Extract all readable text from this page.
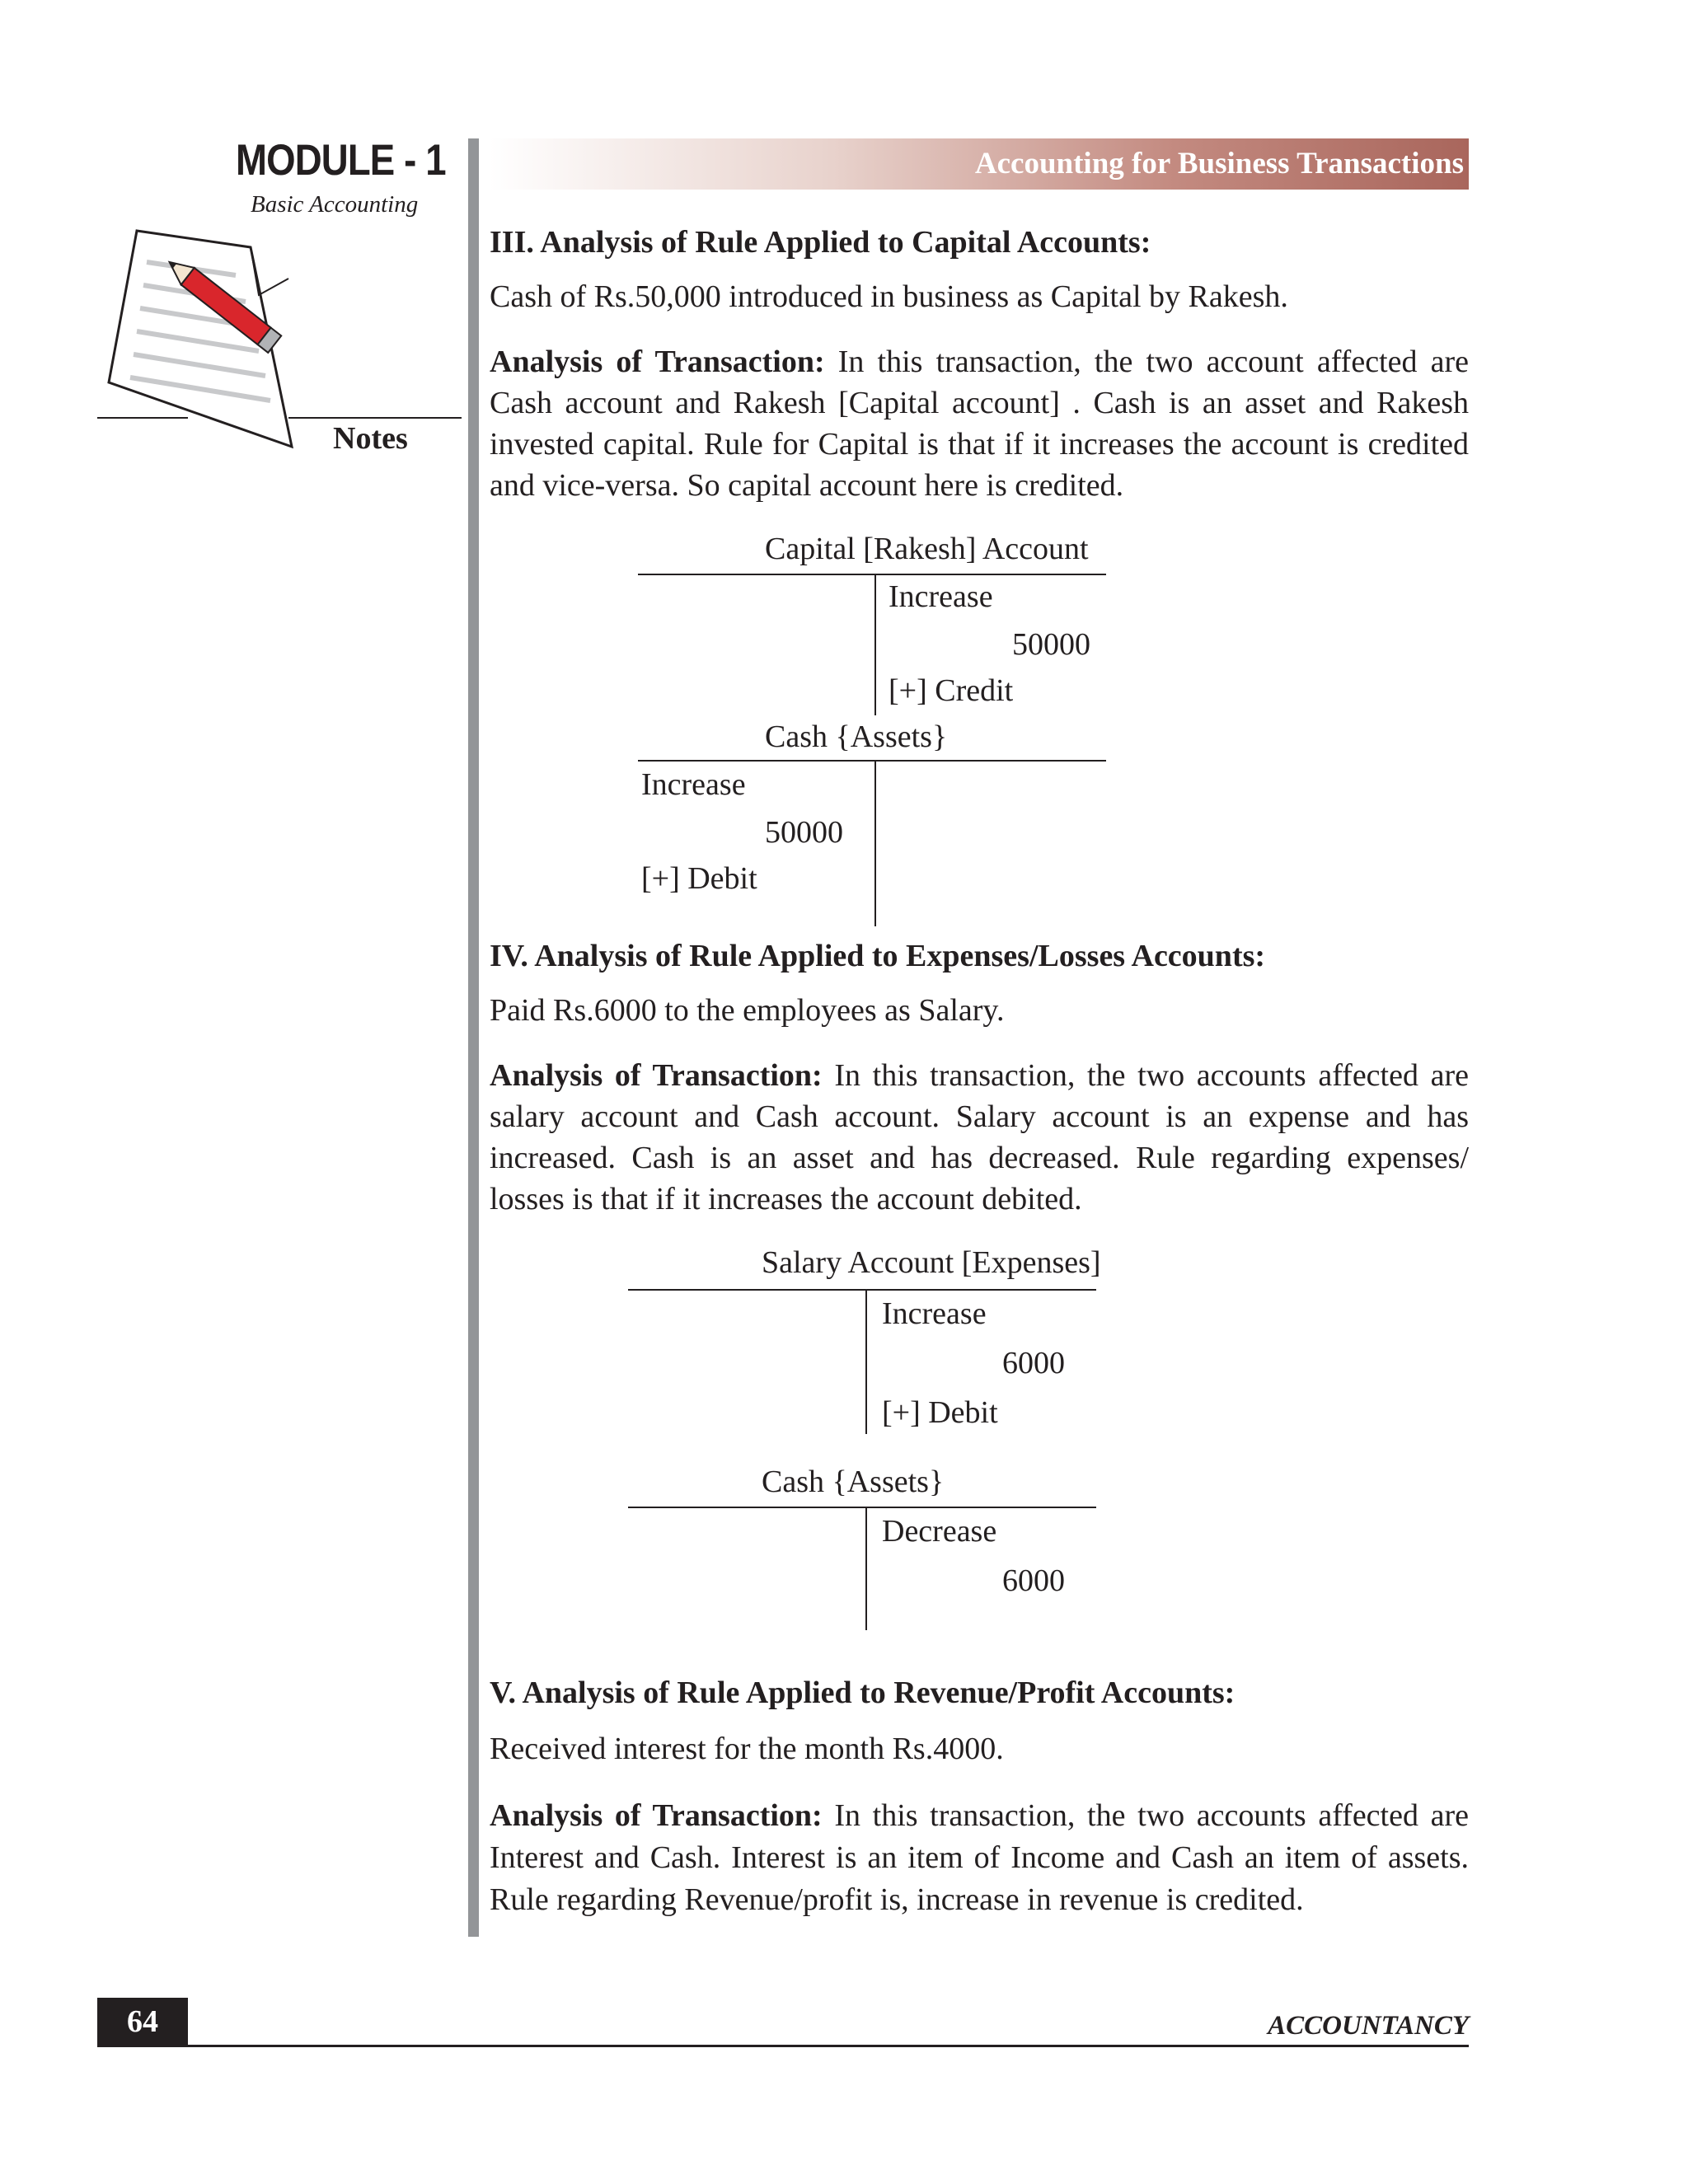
MODULE - 1
Basic Accounting
Notes
Accounting for Business Transactions
III. Analysis of Rule Applied to Capital Accounts:
Cash of Rs.50,000 introduced in business as Capital by Rakesh.
Analysis of Transaction: In this transaction, the two account affected are Cash account and Rakesh [Capital account] . Cash is an asset and Rakesh invested capital. Rule for Capital is that if it increases the account is credited and vice-versa. So capital account here is credited.
Capital [Rakesh] Account
Increase
50000
[+] Credit
Cash {Assets}
Increase
50000
[+] Debit
IV. Analysis of Rule Applied to Expenses/Losses Accounts:
Paid Rs.6000 to the employees as Salary.
Analysis of Transaction: In this transaction, the two accounts affected are salary account and Cash account. Salary account is an expense and has increased. Cash is an asset and has decreased. Rule regarding expenses/ losses is that if it increases the account debited.
Salary Account [Expenses]
Increase
6000
[+] Debit
Cash {Assets}
Decrease
6000
V. Analysis of Rule Applied to Revenue/Profit Accounts:
Received interest for the month Rs.4000.
Analysis of Transaction: In this transaction, the two accounts affected are Interest and Cash. Interest is an item of Income and Cash an item of assets. Rule regarding Revenue/profit is, increase in revenue is credited.
64	ACCOUNTANCY
